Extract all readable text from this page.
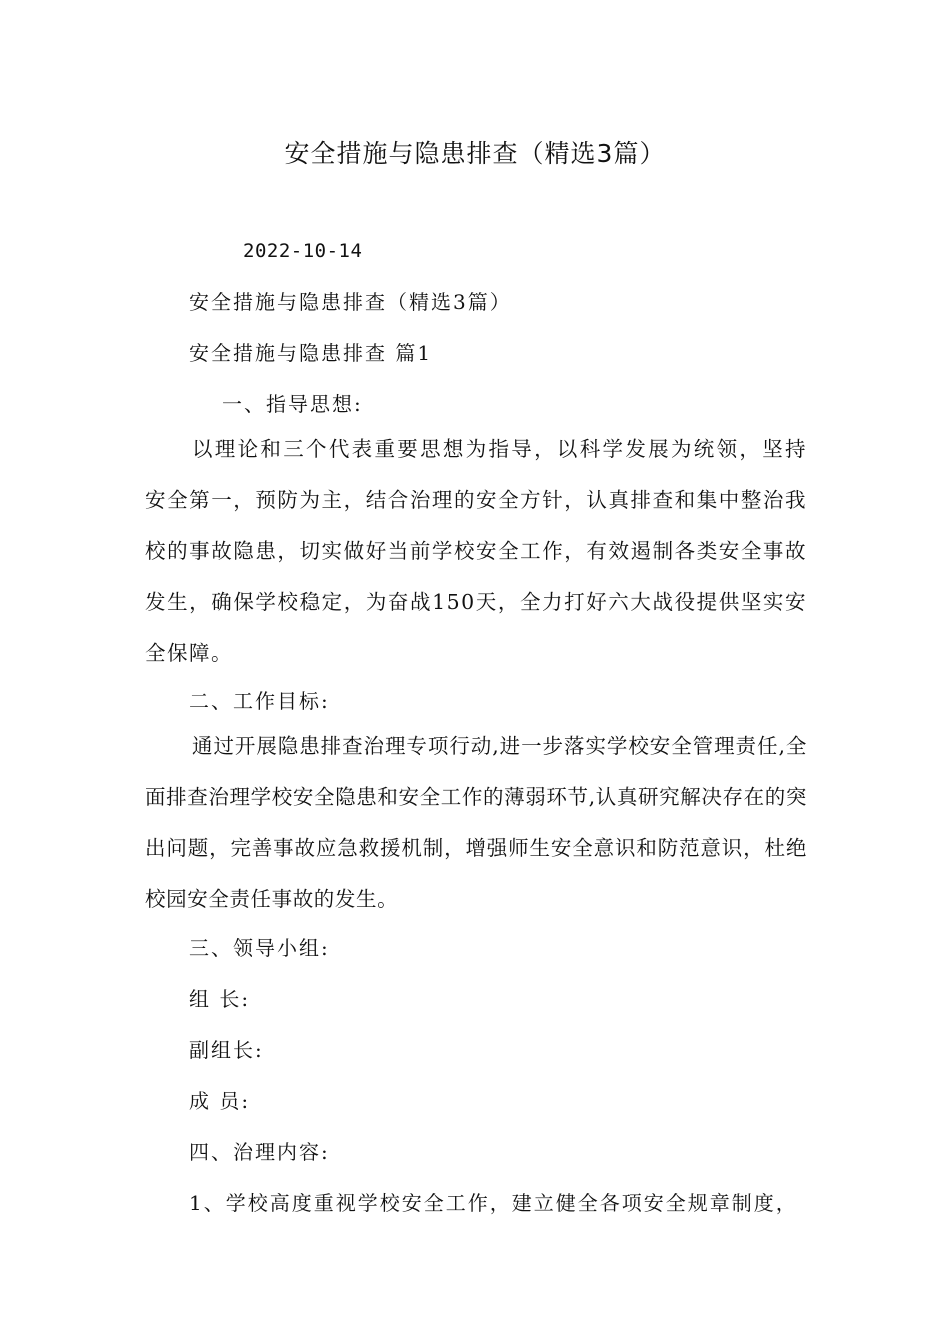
安全措施与隐患排查（精选3篇）
2022-10-14
安全措施与隐患排查（精选3篇）
安全措施与隐患排查 篇1
一、指导思想:
以理论和三个代表重要思想为指导，以科学发展为统领，坚持安全第一，预防为主，结合治理的安全方针，认真排查和集中整治我校的事故隐患，切实做好当前学校安全工作，有效遏制各类安全事故发生，确保学校稳定，为奋战150天，全力打好六大战役提供坚实安全保障。
二、工作目标:
通过开展隐患排查治理专项行动,进一步落实学校安全管理责任,全面排查治理学校安全隐患和安全工作的薄弱环节,认真研究解决存在的突出问题，完善事故应急救援机制，增强师生安全意识和防范意识，杜绝校园安全责任事故的发生。
三、领导小组:
组 长:
副组长:
成 员:
四、治理内容:
1、学校高度重视学校安全工作，建立健全各项安全规章制度，
